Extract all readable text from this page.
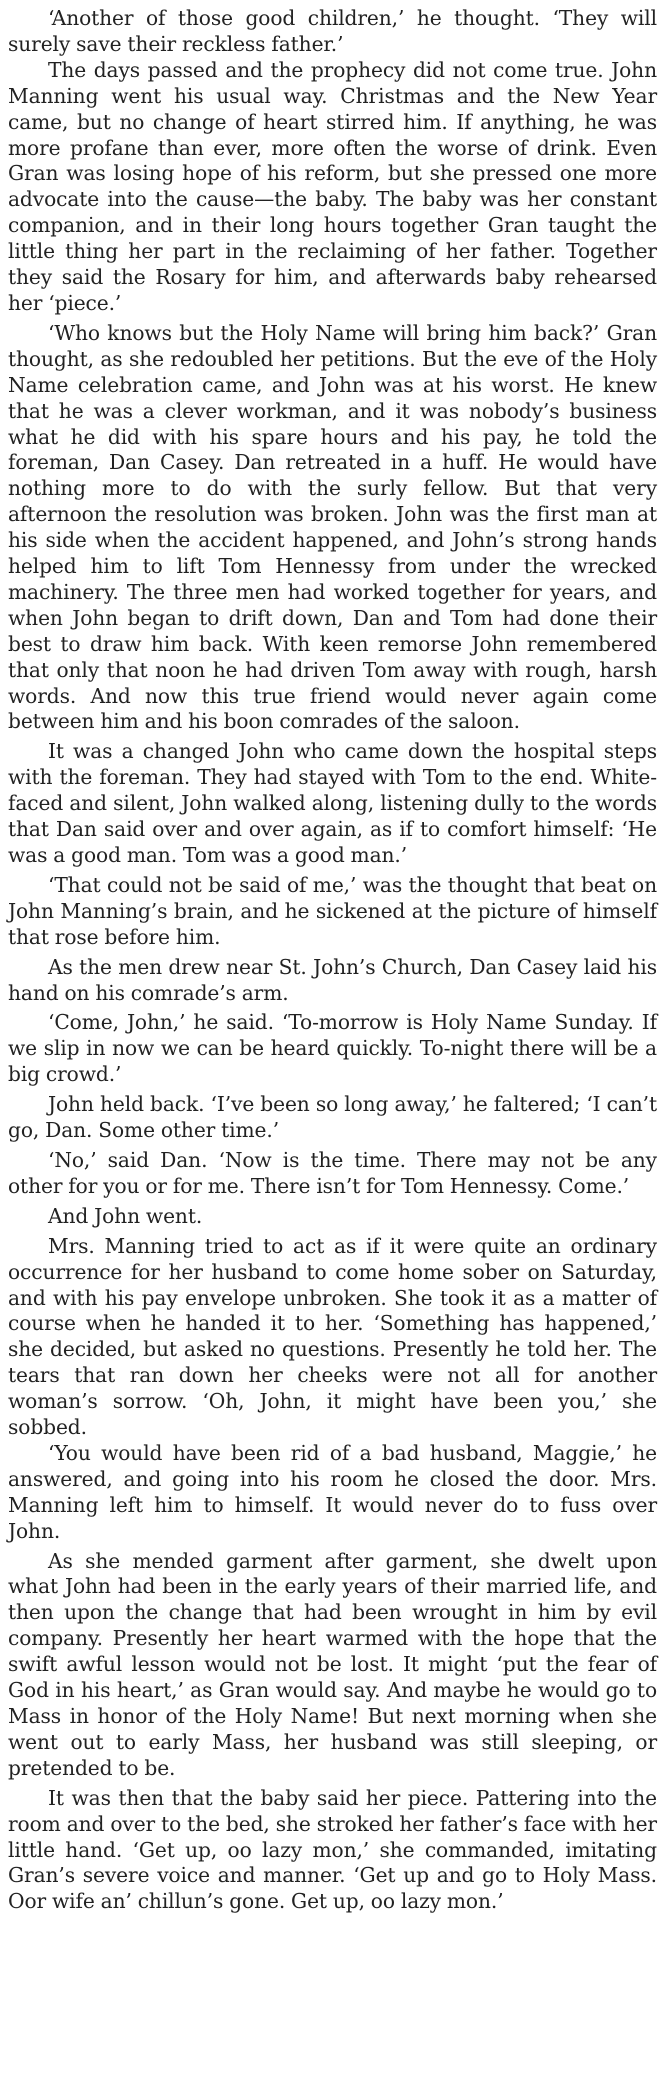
‘Another of those good children,’ he thought. ‘They will surely save their reckless father.’

The days passed and the prophecy did not come true. John Manning went his usual way. Christmas and the New Year came, but no change of heart stirred him. If anything, he was more profane than ever, more often the worse of drink. Even Gran was losing hope of his reform, but she pressed one more advocate into the cause—the baby. The baby was her constant companion, and in their long hours together Gran taught the little thing her part in the reclaiming of her father. Together they said the Rosary for him, and afterwards baby rehearsed her ‘piece.’

‘Who knows but the Holy Name will bring him back?’ Gran thought, as she redoubled her petitions. But the eve of the Holy Name celebration came, and John was at his worst. He knew that he was a clever workman, and it was nobody’s business what he did with his spare hours and his pay, he told the foreman, Dan Casey. Dan retreated in a huff. He would have nothing more to do with the surly fellow. But that very afternoon the resolution was broken. John was the first man at his side when the accident happened, and John’s strong hands helped him to lift Tom Hennessy from under the wrecked machinery. The three men had worked together for years, and when John began to drift down, Dan and Tom had done their best to draw him back. With keen remorse John remembered that only that noon he had driven Tom away with rough, harsh words. And now this true friend would never again come between him and his boon comrades of the saloon.

It was a changed John who came down the hospital steps with the foreman. They had stayed with Tom to the end. White-faced and silent, John walked along, listening dully to the words that Dan said over and over again, as if to comfort himself: ‘He was a good man. Tom was a good man.’

‘That could not be said of me,’ was the thought that beat on John Manning’s brain, and he sickened at the picture of himself that rose before him.

As the men drew near St. John’s Church, Dan Casey laid his hand on his comrade’s arm.

‘Come, John,’ he said. ‘To-morrow is Holy Name Sunday. If we slip in now we can be heard quickly. To-night there will be a big crowd.’

John held back. ‘I’ve been so long away,’ he faltered; ‘I can’t go, Dan. Some other time.’

‘No,’ said Dan. ‘Now is the time. There may not be any other for you or for me. There isn’t for Tom Hennessy. Come.’

And John went.

Mrs. Manning tried to act as if it were quite an ordinary occurrence for her husband to come home sober on Saturday, and with his pay envelope unbroken. She took it as a matter of course when he handed it to her. ‘Something has happened,’ she decided, but asked no questions. Presently he told her. The tears that ran down her cheeks were not all for another woman’s sorrow. ‘Oh, John, it might have been you,’ she sobbed.

‘You would have been rid of a bad husband, Maggie,’ he answered, and going into his room he closed the door. Mrs. Manning left him to himself. It would never do to fuss over John.

As she mended garment after garment, she dwelt upon what John had been in the early years of their married life, and then upon the change that had been wrought in him by evil company. Presently her heart warmed with the hope that the swift awful lesson would not be lost. It might ‘put the fear of God in his heart,’ as Gran would say. And maybe he would go to Mass in honor of the Holy Name! But next morning when she went out to early Mass, her husband was still sleeping, or pretended to be.

It was then that the baby said her piece. Pattering into the room and over to the bed, she stroked her father’s face with her little hand. ‘Get up, oo lazy mon,’ she commanded, imitating Gran’s severe voice and manner. ‘Get up and go to Holy Mass. Oor wife an’ chillun’s gone. Get up, oo lazy mon.’
